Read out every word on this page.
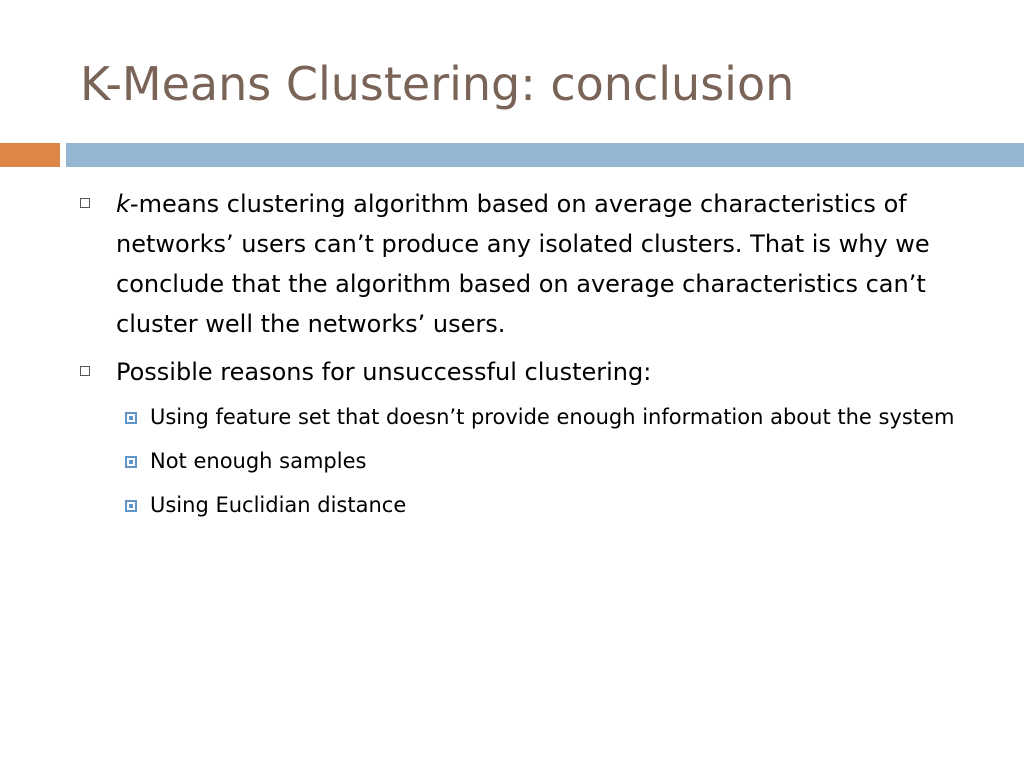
K-Means Clustering: conclusion
k-means clustering algorithm based on average characteristics of networks’ users can’t produce any isolated clusters. That is why we conclude that the algorithm based on average characteristics can’t cluster well the networks’ users.
Possible reasons for unsuccessful clustering:
Using feature set that doesn’t provide enough information about the system
Not enough samples
Using Euclidian distance
